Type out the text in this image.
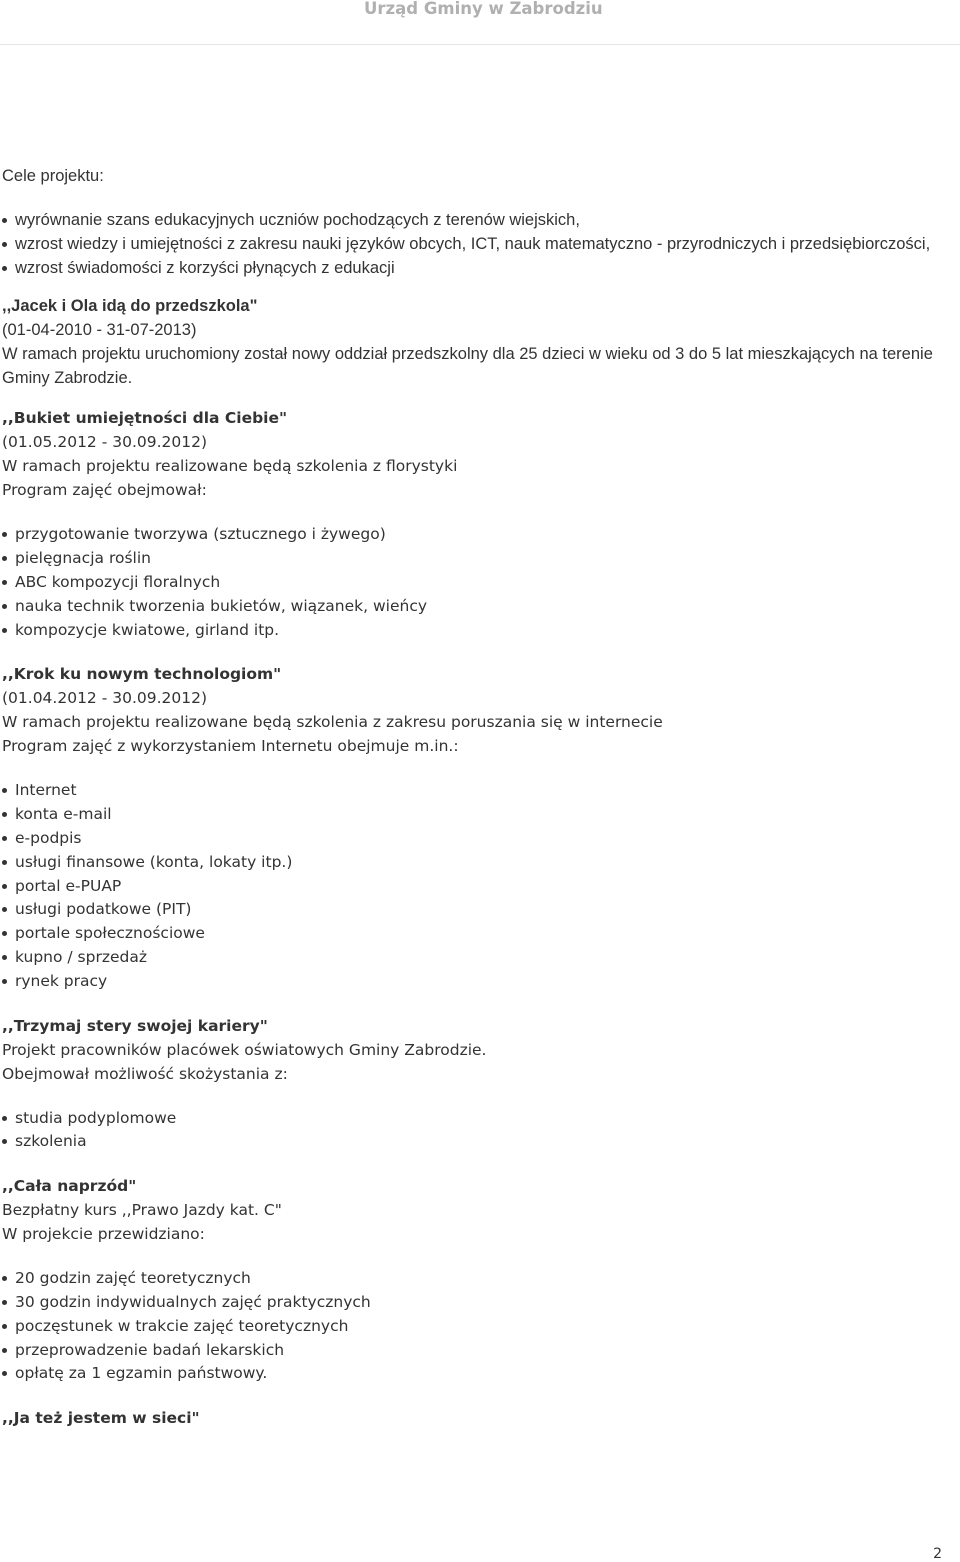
Urząd Gminy w Zabrodziu

Cele projektu:

wyrównanie szans edukacyjnych uczniów pochodzących z terenów wiejskich,
wzrost wiedzy i umiejętności z zakresu nauki języków obcych, ICT, nauk matematyczno - przyrodniczych i przedsiębiorczości,
wzrost świadomości z korzyści płynących z edukacji

,,Jacek i Ola idą do przedszkola"

(01-04-2010 - 31-07-2013)

W ramach projektu uruchomiony został nowy oddział przedszkolny dla 25 dzieci w wieku od 3 do 5 lat mieszkających na terenie Gminy Zabrodzie.

,,Bukiet umiejętności dla Ciebie"

(01.05.2012 - 30.09.2012)

W ramach projektu realizowane będą szkolenia z florystyki

Program zajęć obejmował:

przygotowanie tworzywa (sztucznego i żywego)
pielęgnacja roślin
ABC kompozycji floralnych
nauka technik tworzenia bukietów, wiązanek, wieńcy
kompozycje kwiatowe, girland itp.

,,Krok ku nowym technologiom"

(01.04.2012 - 30.09.2012)

W ramach projektu realizowane będą szkolenia z zakresu poruszania się w internecie

Program zajęć z wykorzystaniem Internetu obejmuje m.in.:

Internet
konta e-mail
e-podpis
usługi finansowe (konta, lokaty itp.)
portal e-PUAP
usługi podatkowe (PIT)
portale społecznościowe
kupno / sprzedaż
rynek pracy

,,Trzymaj stery swojej kariery"

Projekt pracowników placówek oświatowych Gminy Zabrodzie.

Obejmował możliwość skożystania z:

studia podyplomowe
szkolenia

,,Cała naprzód"

Bezpłatny kurs ,,Prawo Jazdy kat. C"

W projekcie przewidziano:

20 godzin zajęć teoretycznych
30 godzin indywidualnych zajęć praktycznych
poczęstunek w trakcie zajęć teoretycznych
przeprowadzenie badań lekarskich
opłatę za 1 egzamin państwowy.

,,Ja też jestem w sieci"

2
